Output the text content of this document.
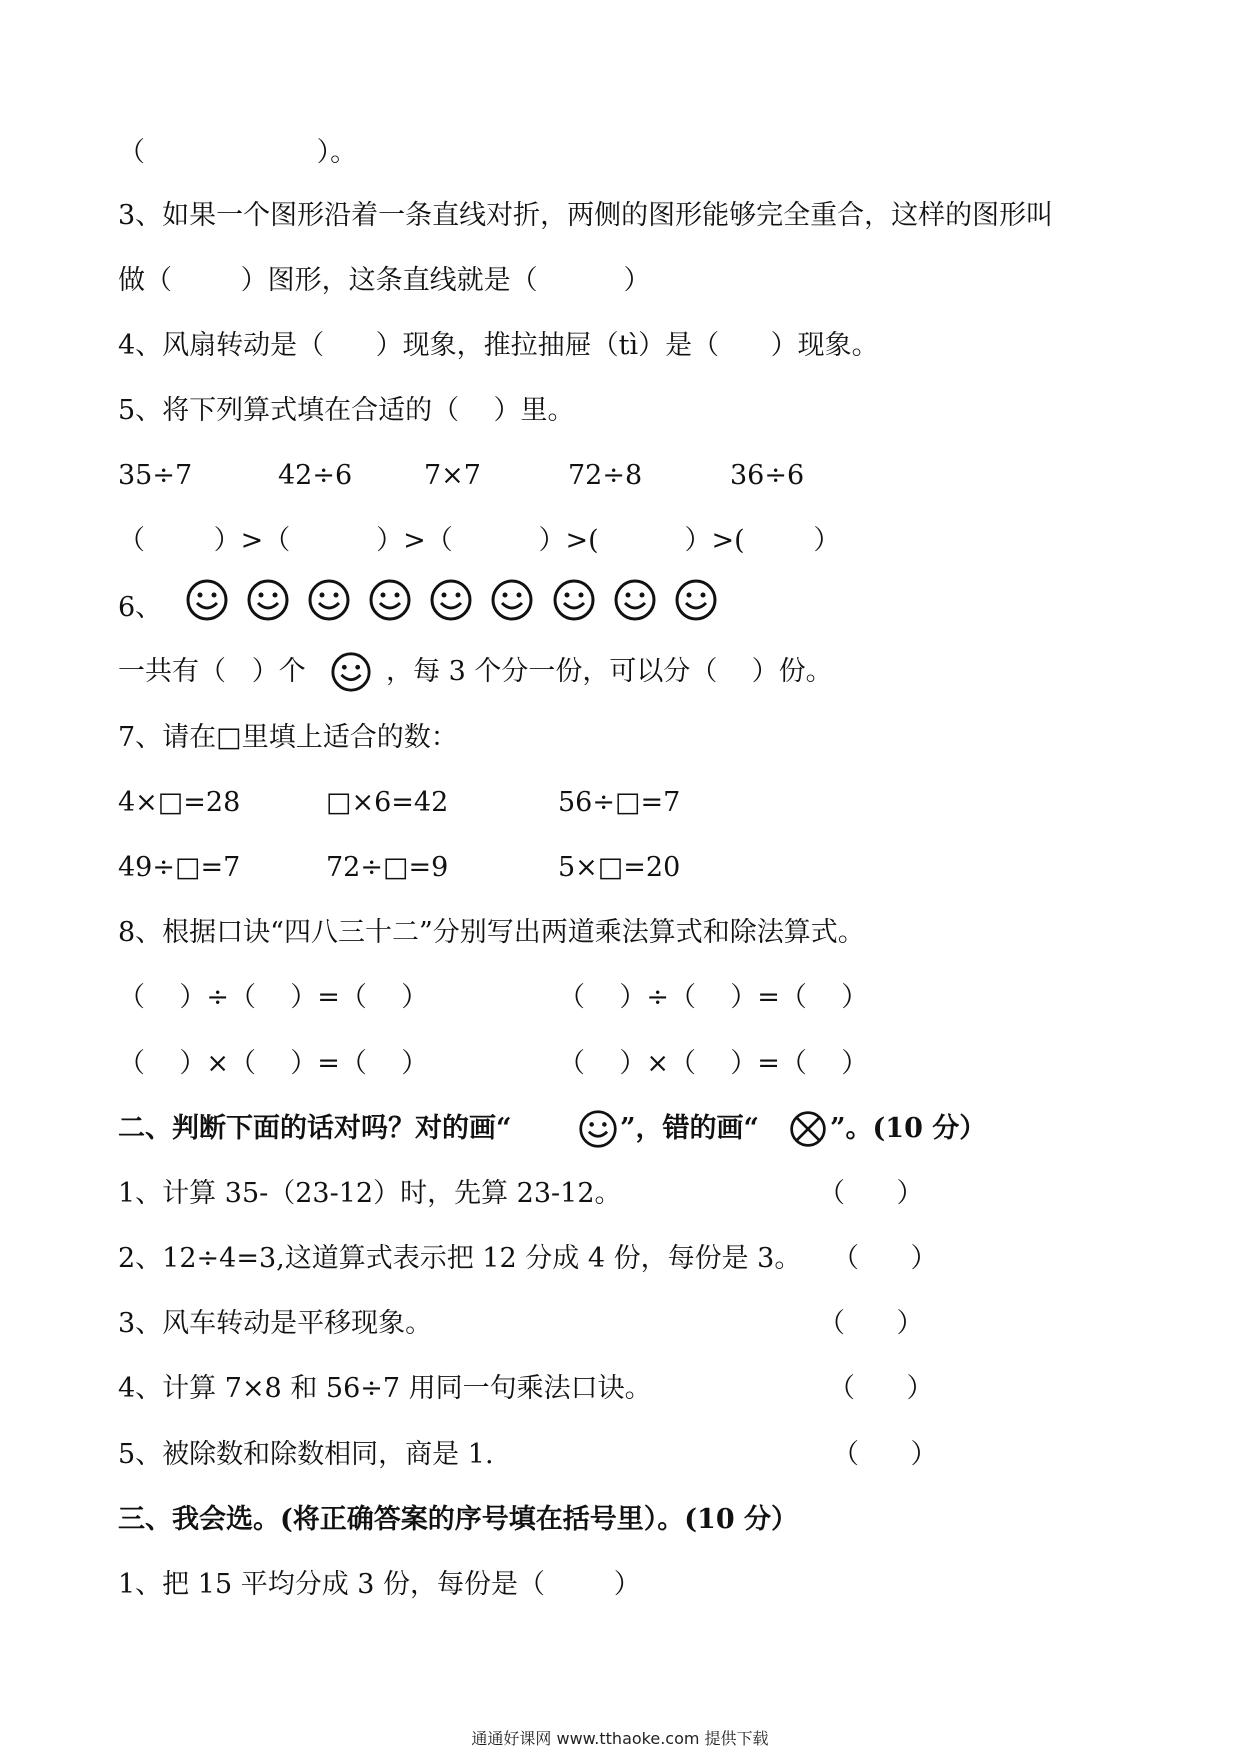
（                    ）。
3、如果一个图形沿着一条直线对折，两侧的图形能够完全重合，这样的图形叫
做（        ）图形，这条直线就是（          ）
4、风扇转动是（      ）现象，推拉抽屉（tì）是（      ）现象。
5、将下列算式填在合适的（    ）里。
35÷7	42÷6	7×7	72÷8	36÷6
（        ）>（          ）>（          ）>(          ）>(        ）
6、

一共有（   ）个	，每 3 个分一份，可以分（    ）份。
7、请在□里填上适合的数：
4×□=28	□×6=42	56÷□=7
49÷□=7	72÷□=9	5×□=20
8、根据口诀“四八三十二”分别写出两道乘法算式和除法算式。
（    ）÷（    ）=（    ）	（    ）÷（    ）=（    ）
（    ）×（    ）=（    ）	（    ）×（    ）=（    ）
二、判断下面的话对吗？对的画“	”，错的画“	”。(10 分）
1、计算 35-（23-12）时，先算 23-12。	（      ）
2、12÷4=3,这道算式表示把 12 分成 4 份，每份是 3。 （      ）
3、风车转动是平移现象。	（      ）
4、计算 7×8 和 56÷7 用同一句乘法口诀。	（      ）
5、被除数和除数相同，商是 1.	（      ）
三、我会选。(将正确答案的序号填在括号里）。(10 分）
1、把 15 平均分成 3 份，每份是（        ）
通通好课网 www.tthaoke.com 提供下载
